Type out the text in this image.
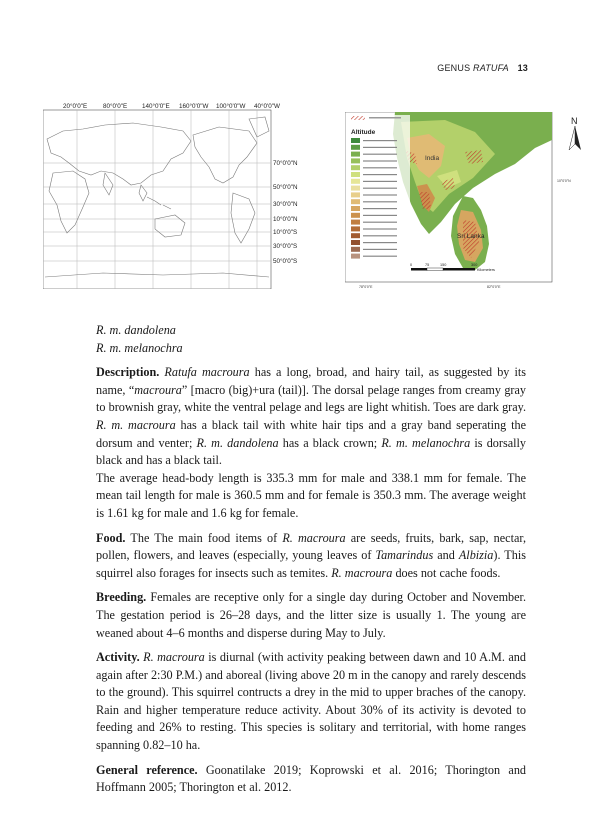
GENUS RATUFA 13
20°0'0"E	80°0'0"E 140°0'0"E 160°0'0"W 100°0'0"W 40°0'0"W
70°0'0"N
50°0'0"N
30°0'0"N
10°0'0"N
10°0'0"S
30°0'0"S
50°0'0"S
Altitude
India
Sri Lanka
N
10°0'0"N
78°0'0"E	82°0'0"E
0	75	150	300
Kilometers

R. m. dandolena

R. m. melanochra

Description. Ratufa macroura has a long, broad, and hairy tail, as suggested by its name, “macroura” [macro (big)+ura (tail)]. The dorsal pelage ranges from creamy gray to brownish gray, white the ventral pelage and legs are light whitish. Toes are dark gray. R. m. macroura has a black tail with white hair tips and a gray band seperating the dorsum and venter; R. m. dandolena has a black crown; R. m. melanochra is dorsally black and has a black tail.

The average head-body length is 335.3 mm for male and 338.1 mm for female. The mean tail length for male is 360.5 mm and for female is 350.3 mm. The average weight is 1.61 kg for male and 1.6 kg for female.

Food. The The main food items of R. macroura are seeds, fruits, bark, sap, nectar, pollen, flowers, and leaves (especially, young leaves of Tamarindus and Albizia). This squirrel also forages for insects such as temites. R. macroura does not cache foods.

Breeding. Females are receptive only for a single day during October and November. The gestation period is 26–28 days, and the litter size is usually 1. The young are weaned about 4–6 months and disperse during May to July.

Activity. R. macroura is diurnal (with activity peaking between dawn and 10 A.M. and again after 2:30 P.M.) and aboreal (living above 20 m in the canopy and rarely descends to the ground). This squirrel contructs a drey in the mid to upper braches of the canopy. Rain and higher temperature reduce activity. About 30% of its activity is devoted to feeding and 26% to resting. This species is solitary and territorial, with home ranges spanning 0.82–10 ha.

General reference. Goonatilake 2019; Koprowski et al. 2016; Thorington and Hoffmann 2005; Thorington et al. 2012.
